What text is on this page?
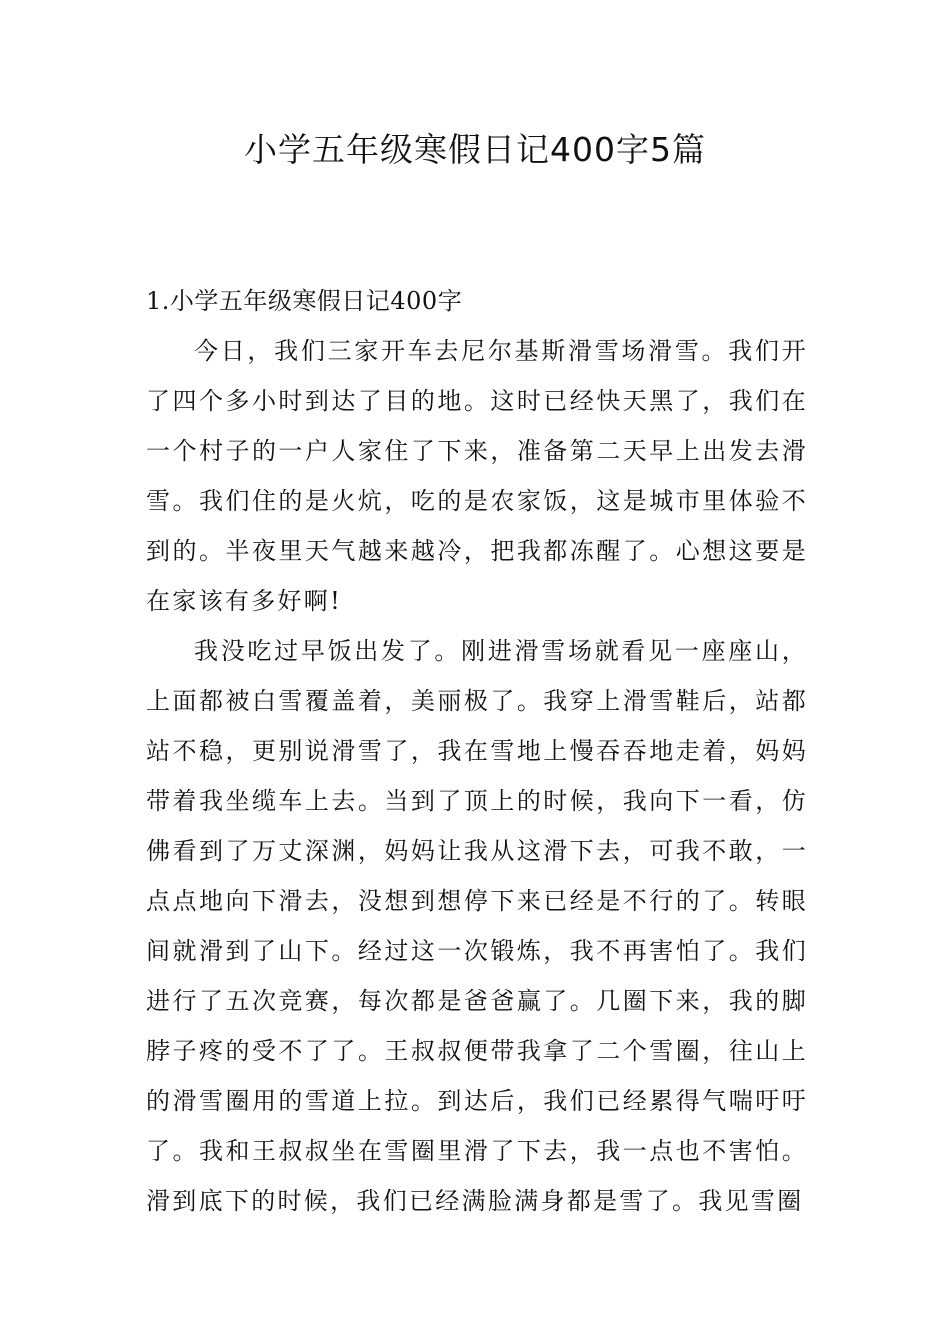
小学五年级寒假日记400字5篇
1.小学五年级寒假日记400字

今日，我们三家开车去尼尔基斯滑雪场滑雪。我们开了四个多小时到达了目的地。这时已经快天黑了，我们在一个村子的一户人家住了下来，准备第二天早上出发去滑雪。我们住的是火炕，吃的是农家饭，这是城市里体验不到的。半夜里天气越来越冷，把我都冻醒了。心想这要是在家该有多好啊!

我没吃过早饭出发了。刚进滑雪场就看见一座座山，上面都被白雪覆盖着，美丽极了。我穿上滑雪鞋后，站都站不稳，更别说滑雪了，我在雪地上慢吞吞地走着，妈妈带着我坐缆车上去。当到了顶上的时候，我向下一看，仿佛看到了万丈深渊，妈妈让我从这滑下去，可我不敢，一点点地向下滑去，没想到想停下来已经是不行的了。转眼间就滑到了山下。经过这一次锻炼，我不再害怕了。我们进行了五次竞赛，每次都是爸爸赢了。几圈下来，我的脚脖子疼的受不了了。王叔叔便带我拿了二个雪圈，往山上的滑雪圈用的雪道上拉。到达后，我们已经累得气喘吁吁了。我和王叔叔坐在雪圈里滑了下去，我一点也不害怕。滑到底下的时候，我们已经满脸满身都是雪了。我见雪圈
